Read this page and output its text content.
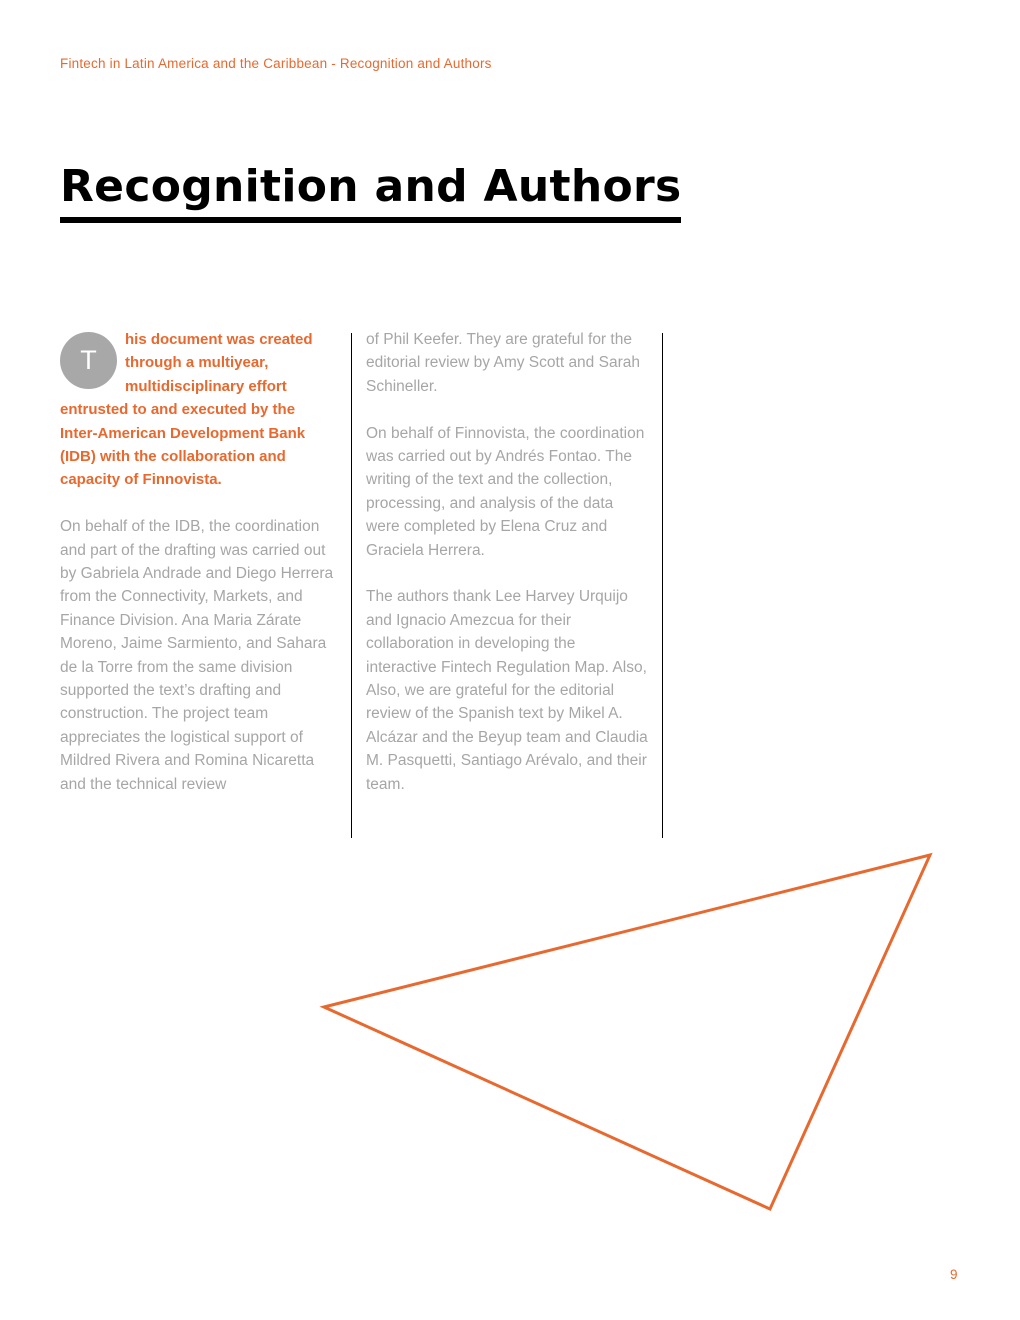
Fintech in Latin America and the Caribbean - Recognition and Authors
Recognition and Authors
T

his document was created through a multiyear, multidisciplinary effort entrusted to and executed by the Inter-American Development Bank (IDB) with the collaboration and capacity of Finnovista.

On behalf of the IDB, the coordination and part of the drafting was carried out by Gabriela Andrade and Diego Herrera from the Connectivity, Markets, and Finance Division. Ana Maria Zárate Moreno, Jaime Sarmiento, and Sahara de la Torre from the same division supported the text’s drafting and construction. The project team appreciates the logistical support of Mildred Rivera and Romina Nicaretta and the technical review

of Phil Keefer. They are grateful for the editorial review by Amy Scott and Sarah Schineller.

On behalf of Finnovista, the coordination was carried out by Andrés Fontao. The writing of the text and the collection, processing, and analysis of the data were completed by Elena Cruz and Graciela Herrera.

The authors thank Lee Harvey Urquijo and Ignacio Amezcua for their collaboration in developing the interactive Fintech Regulation Map. Also, Also, we are grateful for the editorial review of the Spanish text by Mikel A. Alcázar and the Beyup team and Claudia M. Pasquetti, Santiago Arévalo, and their team.

9
